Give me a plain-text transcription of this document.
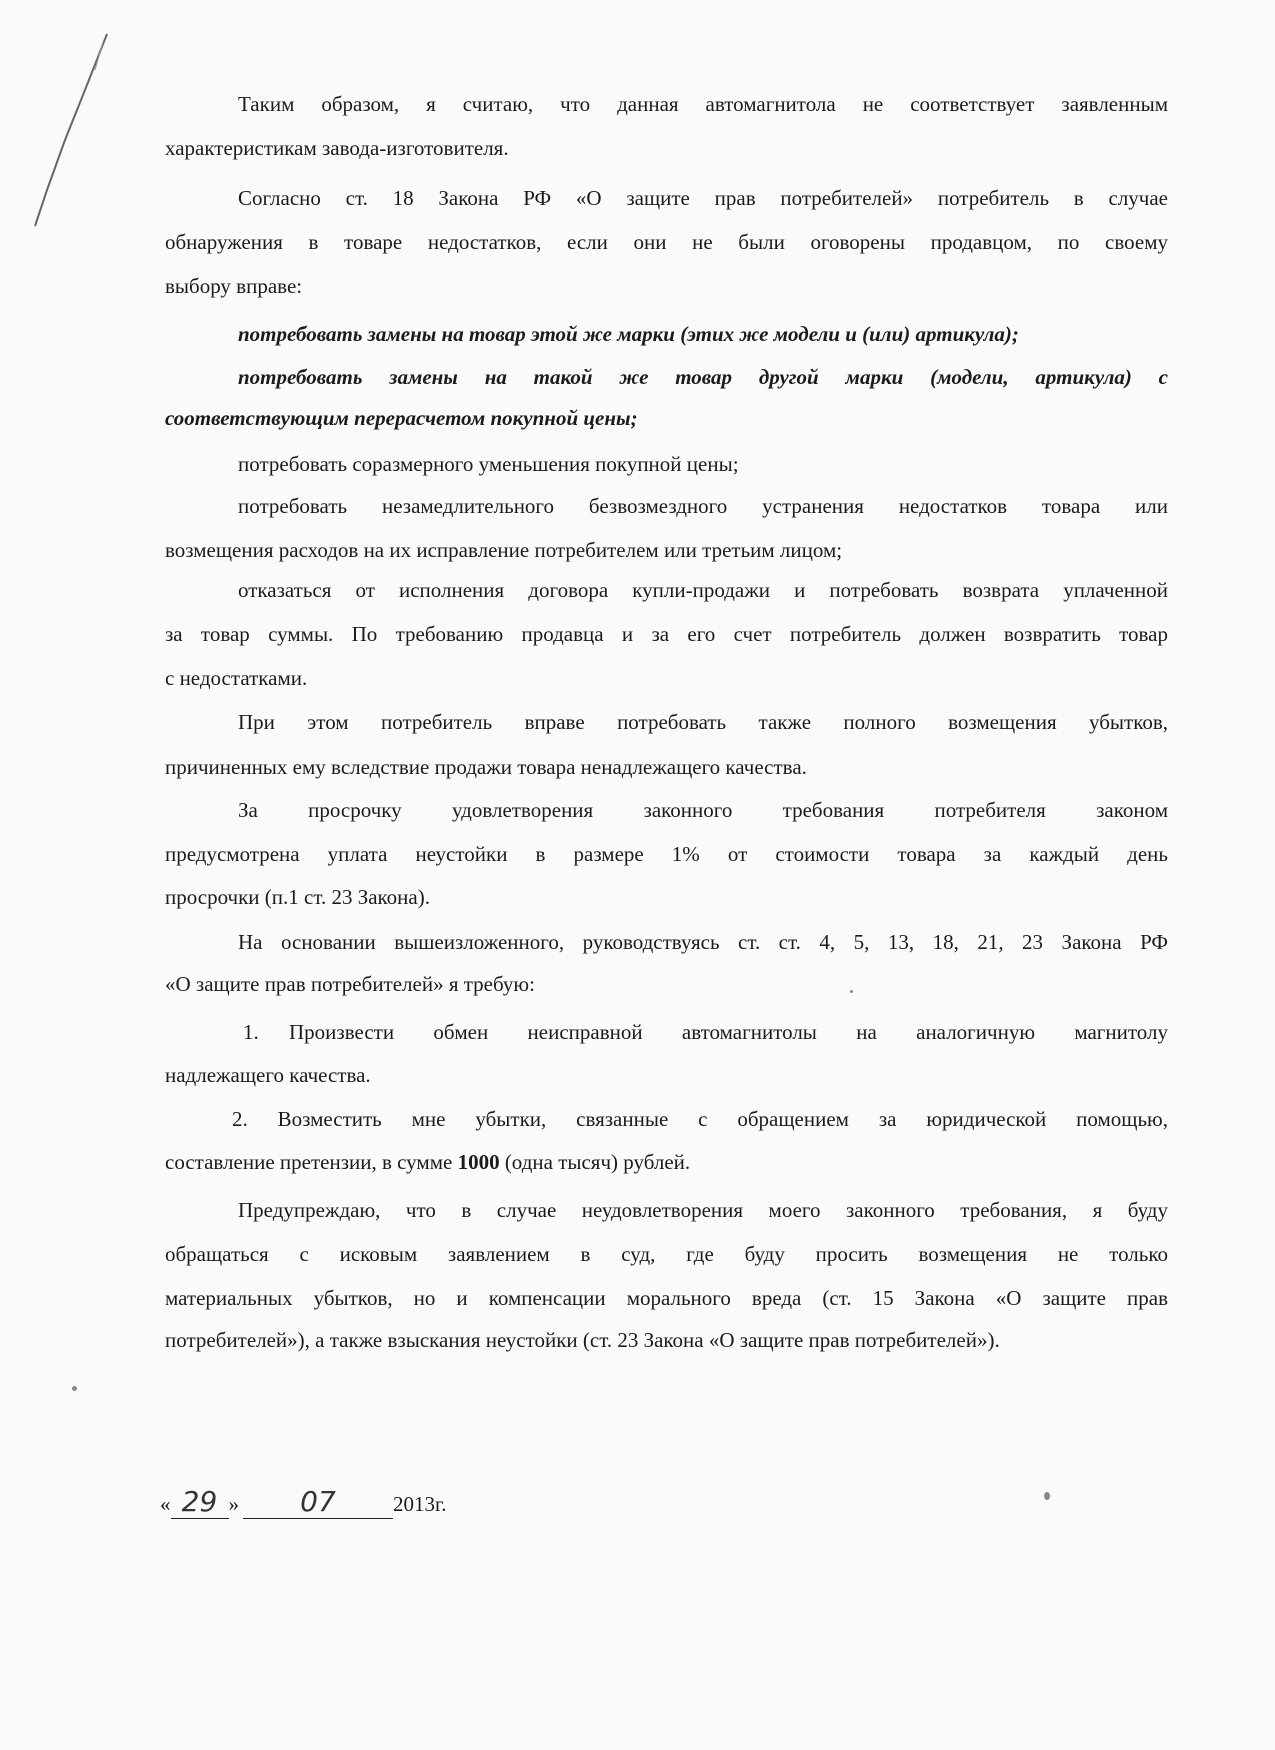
Таким образом, я считаю, что данная автомагнитола не соответствует заявленным
характеристикам завода-изготовителя.
Согласно ст. 18 Закона РФ «О защите прав потребителей» потребитель в случае
обнаружения в товаре недостатков, если они не были оговорены продавцом, по своему
выбору вправе:
потребовать замены на товар этой же марки (этих же модели и (или) артикула);
потребовать замены на такой же товар другой марки (модели, артикула) с
соответствующим перерасчетом покупной цены;
потребовать соразмерного уменьшения покупной цены;
потребовать незамедлительного безвозмездного устранения недостатков товара или
возмещения расходов на их исправление потребителем или третьим лицом;
отказаться от исполнения договора купли-продажи и потребовать возврата уплаченной
за товар суммы. По требованию продавца и за его счет потребитель должен возвратить товар
с недостатками.
При этом потребитель вправе потребовать также полного возмещения убытков,
причиненных ему вследствие продажи товара ненадлежащего качества.
За просрочку удовлетворения законного требования потребителя законом
предусмотрена уплата неустойки в размере 1% от стоимости товара за каждый день
просрочки (п.1 ст. 23 Закона).
На основании вышеизложенного, руководствуясь ст. ст. 4, 5, 13, 18, 21, 23 Закона РФ
«О защите прав потребителей» я требую:
1.	Произвести обмен неисправной автомагнитолы на аналогичную магнитолу
надлежащего качества.
2. Возместить мне убытки, связанные с обращением за юридической помощью,
составление претензии, в сумме 1000 (одна тысяч) рублей.
Предупреждаю, что в случае неудовлетворения моего законного требования, я буду
обращаться с исковым заявлением в суд, где буду просить возмещения не только
материальных убытков, но и компенсации морального вреда (ст. 15 Закона «О защите прав
потребителей»), а также взыскания неустойки (ст. 23 Закона «О защите прав потребителей»).
« 29 » 07	2013г.
